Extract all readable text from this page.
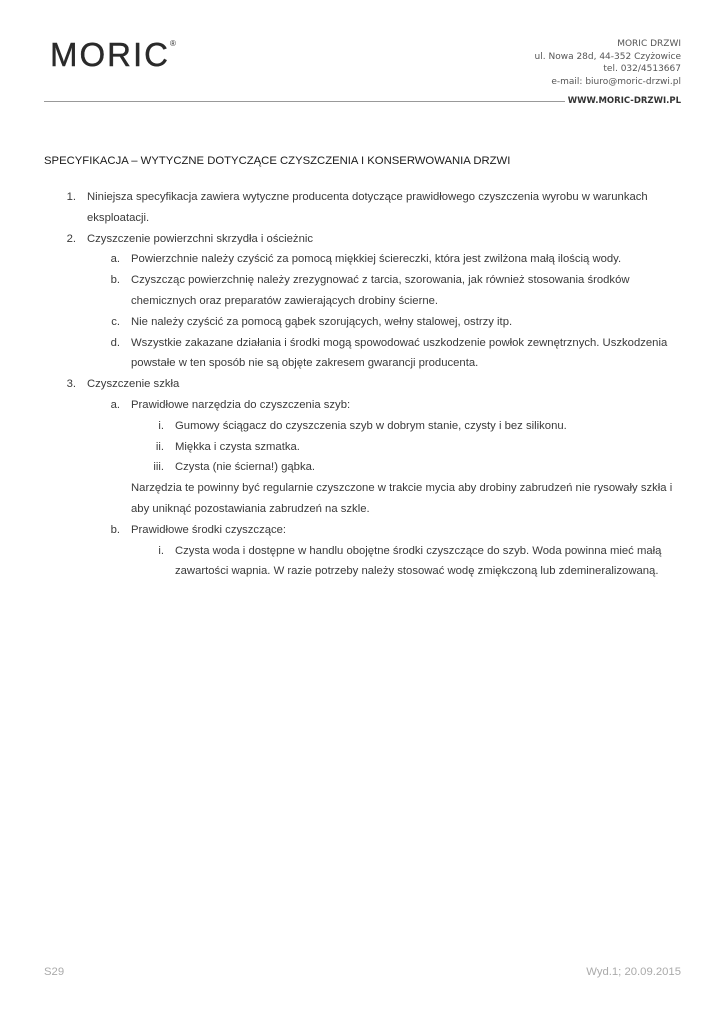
MORIC®	MORIC DRZWI
ul. Nowa 28d, 44-352 Czyżowice
tel. 032/4513667
e-mail: biuro@moric-drzwi.pl
WWW.MORIC-DRZWI.PL
SPECYFIKACJA – WYTYCZNE DOTYCZĄCE CZYSZCZENIA I KONSERWOWANIA DRZWI
1. Niniejsza specyfikacja zawiera wytyczne producenta dotyczące prawidłowego czyszczenia wyrobu w warunkach eksploatacji.
2. Czyszczenie powierzchni skrzydła i ościeżnic
a. Powierzchnie należy czyścić za pomocą miękkiej ściereczki, która jest zwilżona małą ilością wody.
b. Czyszcząc powierzchnię należy zrezygnować z tarcia, szorowania, jak również stosowania środków chemicznych oraz preparatów zawierających drobiny ścierne.
c. Nie należy czyścić za pomocą gąbek szorujących, wełny stalowej, ostrzy itp.
d. Wszystkie zakazane działania i środki mogą spowodować uszkodzenie powłok zewnętrznych. Uszkodzenia powstałe w ten sposób nie są objęte zakresem gwarancji producenta.
3. Czyszczenie szkła
a. Prawidłowe narzędzia do czyszczenia szyb:
i. Gumowy ściągacz do czyszczenia szyb w dobrym stanie, czysty i bez silikonu.
ii. Miękka i czysta szmatka.
iii. Czysta (nie ścierna!) gąbka.
Narzędzia te powinny być regularnie czyszczone w trakcie mycia aby drobiny zabrudzeń nie rysowały szkła i aby uniknąć pozostawiania zabrudzeń na szkle.
b. Prawidłowe środki czyszczące:
i. Czysta woda i dostępne w handlu obojętne środki czyszczące do szyb. Woda powinna mieć małą zawartości wapnia. W razie potrzeby należy stosować wodę zmiękczoną lub zdemineralizowaną.
S29	Wyd.1; 20.09.2015
